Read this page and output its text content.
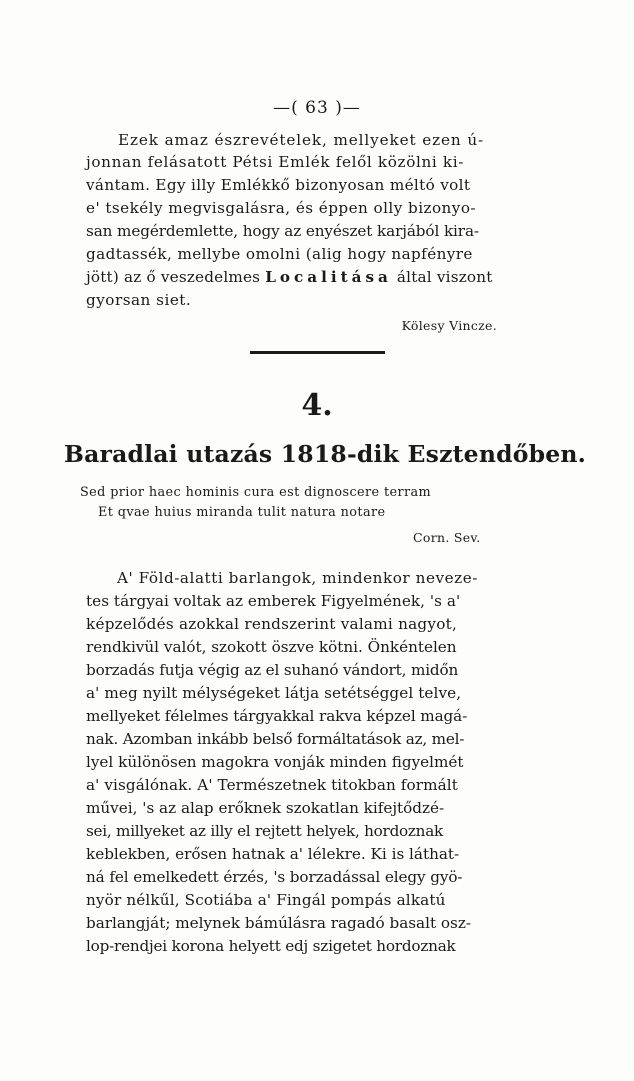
—( 63 )—
Ezek amaz észrevételek, mellyeket ezen ú-
jonnan felásatott Pétsi Emlék felől közölni ki-
vántam. Egy illy Emlékkő bizonyosan méltó volt
e' tsekély megvisgalásra, és éppen olly bizonyo-
san megérdemlette, hogy az enyészet karjából kira-
gadtassék, mellybe omolni (alig hogy napfényre
jött) az ő veszedelmes Localitása által viszont
gyorsan siet.
Kölesy Vincze.
4.
Baradlai utazás 1818-dik Esztendőben.
Sed prior haec hominis cura est dignoscere terram
Et qvae huius miranda tulit natura notare
Corn. Sev.
A' Föld-alatti barlangok, mindenkor neveze-
tes tárgyai voltak az emberek Figyelmének, 's a'
képzelődés azokkal rendszerint valami nagyot,
rendkivül valót, szokott öszve kötni. Önkéntelen
borzadás futja végig az el suhanó vándort, midőn
a' meg nyilt mélységeket látja setétséggel telve,
mellyeket félelmes tárgyakkal rakva képzel magá-
nak. Azomban inkább belső formáltatások az, mel-
lyel különösen magokra vonják minden figyelmét
a' visgálónak. A' Természetnek titokban formált
művei, 's az alap erőknek szokatlan kifejtődzé-
sei, millyeket az illy el rejtett helyek, hordoznak
keblekben, erősen hatnak a' lélekre. Ki is láthat-
ná fel emelkedett érzés, 's borzadással elegy gyö-
nyör nélkűl, Scotiába a' Fingál pompás alkatú
barlangját; melynek bámúlásra ragadó basalt osz-
lop-rendjei korona helyett edj szigetet hordoznak
